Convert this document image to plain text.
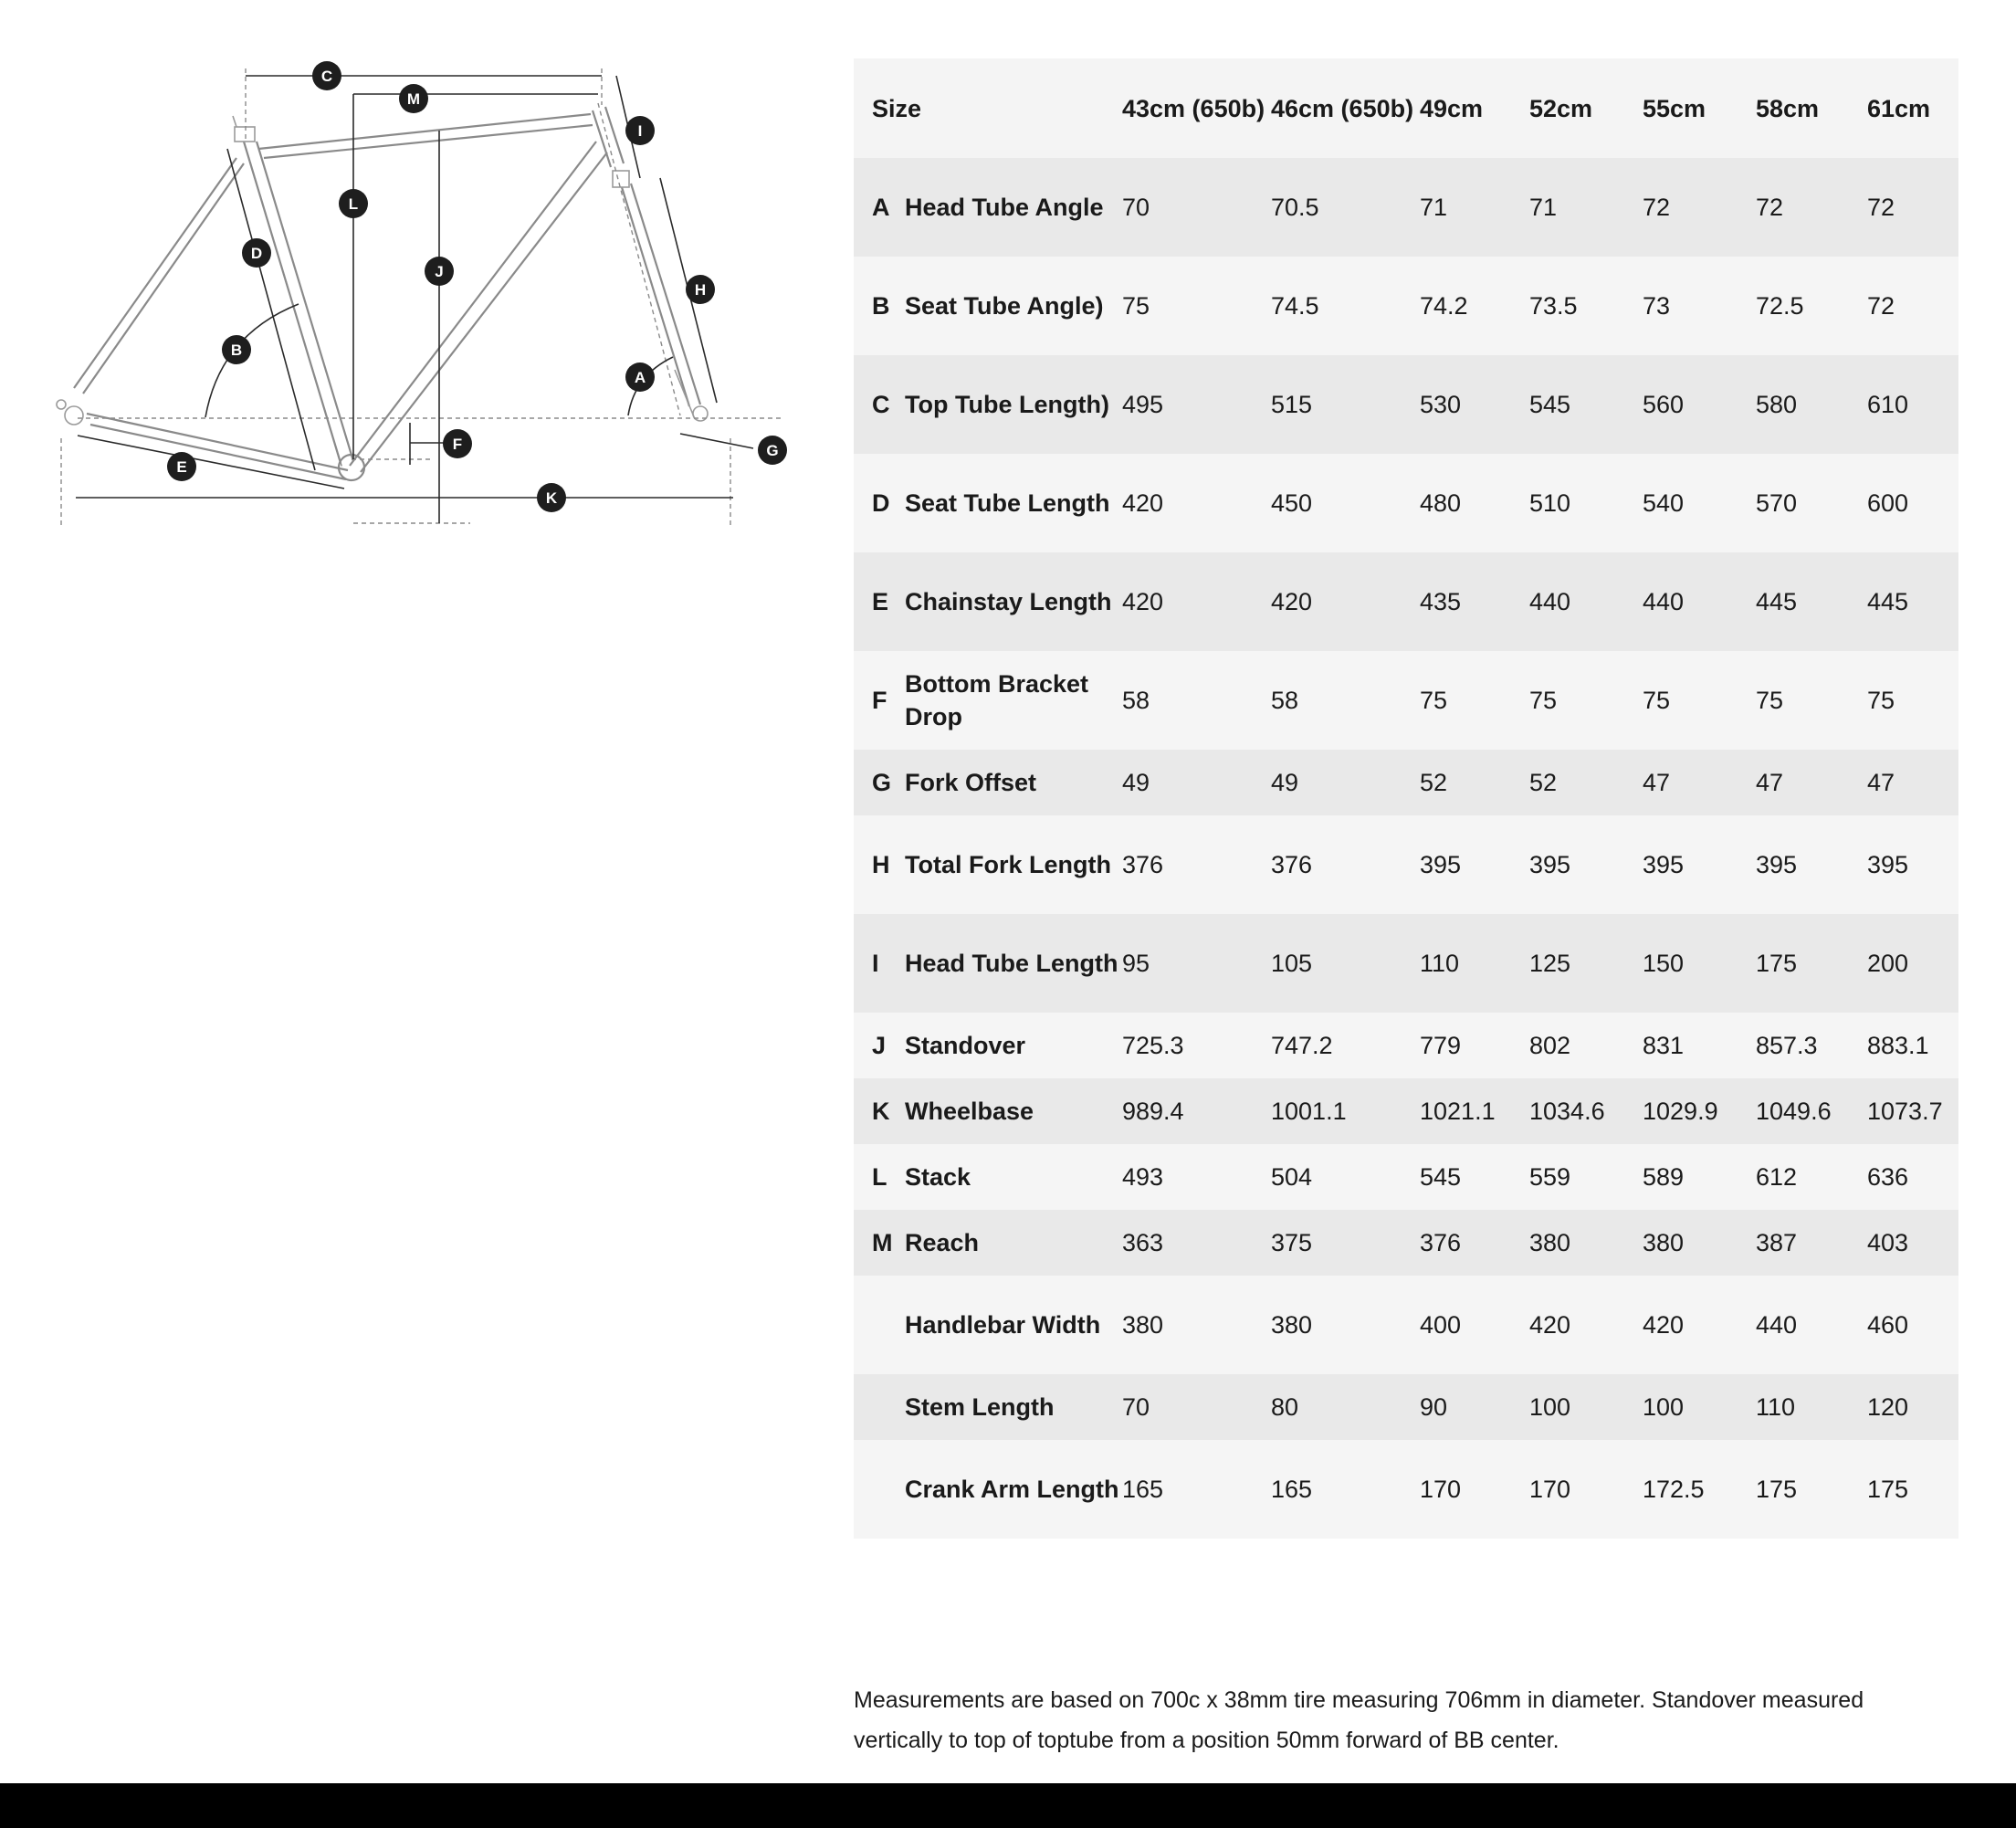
C
M
I
L
D
J
H
B
A
F	G
E
K
Size		43cm (650b)	46cm (650b)	49cm	52cm	55cm	58cm	61cm

A	Head Tube Angle	70	70.5	71	71	72	72	72
B	Seat Tube Angle)	75	74.5	74.2	73.5	73	72.5	72
C	Top Tube Length)	495	515	530	545	560	580	610
D	Seat Tube Length	420	450	480	510	540	570	600
E	Chainstay Length	420	420	435	440	440	445	445
F	Bottom Bracket Drop	58	58	75	75	75	75	75
G	Fork Offset	49	49	52	52	47	47	47
H	Total Fork Length	376	376	395	395	395	395	395
I	Head Tube Length	95	105	110	125	150	175	200
J	Standover	725.3	747.2	779	802	831	857.3	883.1
K	Wheelbase	989.4	1001.1	1021.1	1034.6	1029.9	1049.6	1073.7
L	Stack	493	504	545	559	589	612	636
M	Reach	363	375	376	380	380	387	403
	Handlebar Width	380	380	400	420	420	440	460
	Stem Length	70	80	90	100	100	110	120
	Crank Arm Length	165	165	170	170	172.5	175	175

Measurements are based on 700c x 38mm tire measuring 706mm in diameter. Standover measured vertically to top of toptube from a position 50mm forward of BB center.
